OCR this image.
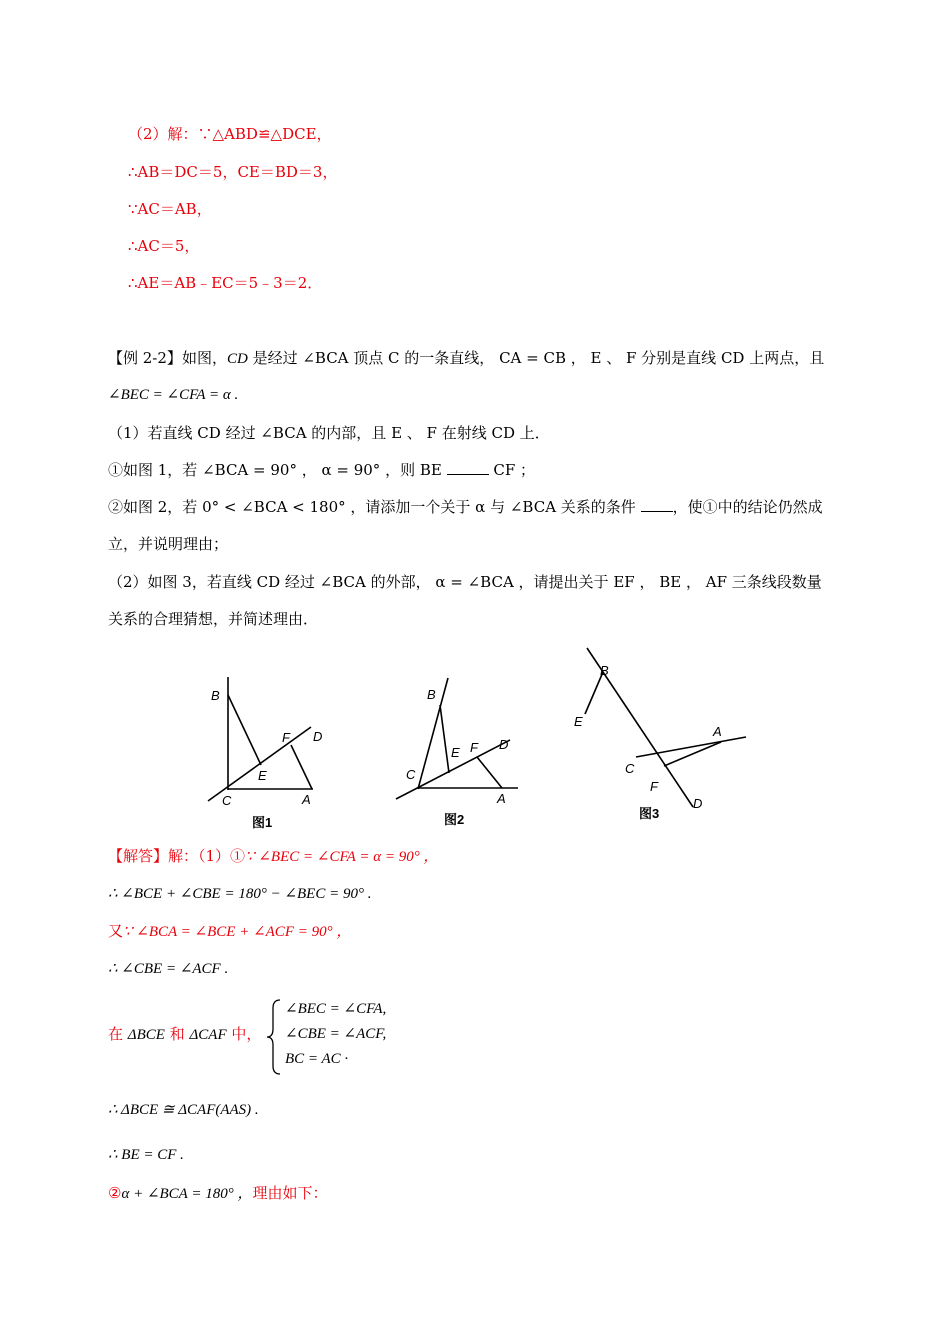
（2）解：∵△ABD≌△DCE，
∴AB＝DC＝5，CE＝BD＝3，
∵AC＝AB，
∴AC＝5，
∴AE＝AB﹣EC＝5﹣3＝2．
【例 2-2】如图，CD 是经过 ∠BCA 顶点 C 的一条直线， CA = CB ， E 、 F 分别是直线 CD 上两点，且
∠BEC = ∠CFA = α .
（1）若直线 CD 经过 ∠BCA 的内部，且 E 、 F 在射线 CD 上．
①如图 1，若 ∠BCA = 90° ， α = 90° ，则 BE	CF ；
②如图 2，若 0° < ∠BCA < 180° ，请添加一个关于 α 与 ∠BCA 关系的条件 ，使①中的结论仍然成
立，并说明理由；
（2）如图 3，若直线 CD 经过 ∠BCA 的外部， α = ∠BCA ，请提出关于 EF ， BE ， AF 三条线段数量
关系的合理猜想，并简述理由．
B
C
E
F D
A
图1
B
C
E F D
A
图2
B
E
C
F
D
A
图3
【解答】解：（1）①∵ ∠BEC = ∠CFA = α = 90° ，
∴ ∠BCE + ∠CBE = 180° − ∠BEC = 90° .
又∵ ∠BCA = ∠BCE + ∠ACF = 90° ，
∴ ∠CBE = ∠ACF .
在 ΔBCE 和 ΔCAF 中，
∠BEC = ∠CFA,
∠CBE = ∠ACF,
BC = AC ·
∴ ΔBCE ≅ ΔCAF(AAS) .
∴ BE = CF .
②α + ∠BCA = 180° ，理由如下：
